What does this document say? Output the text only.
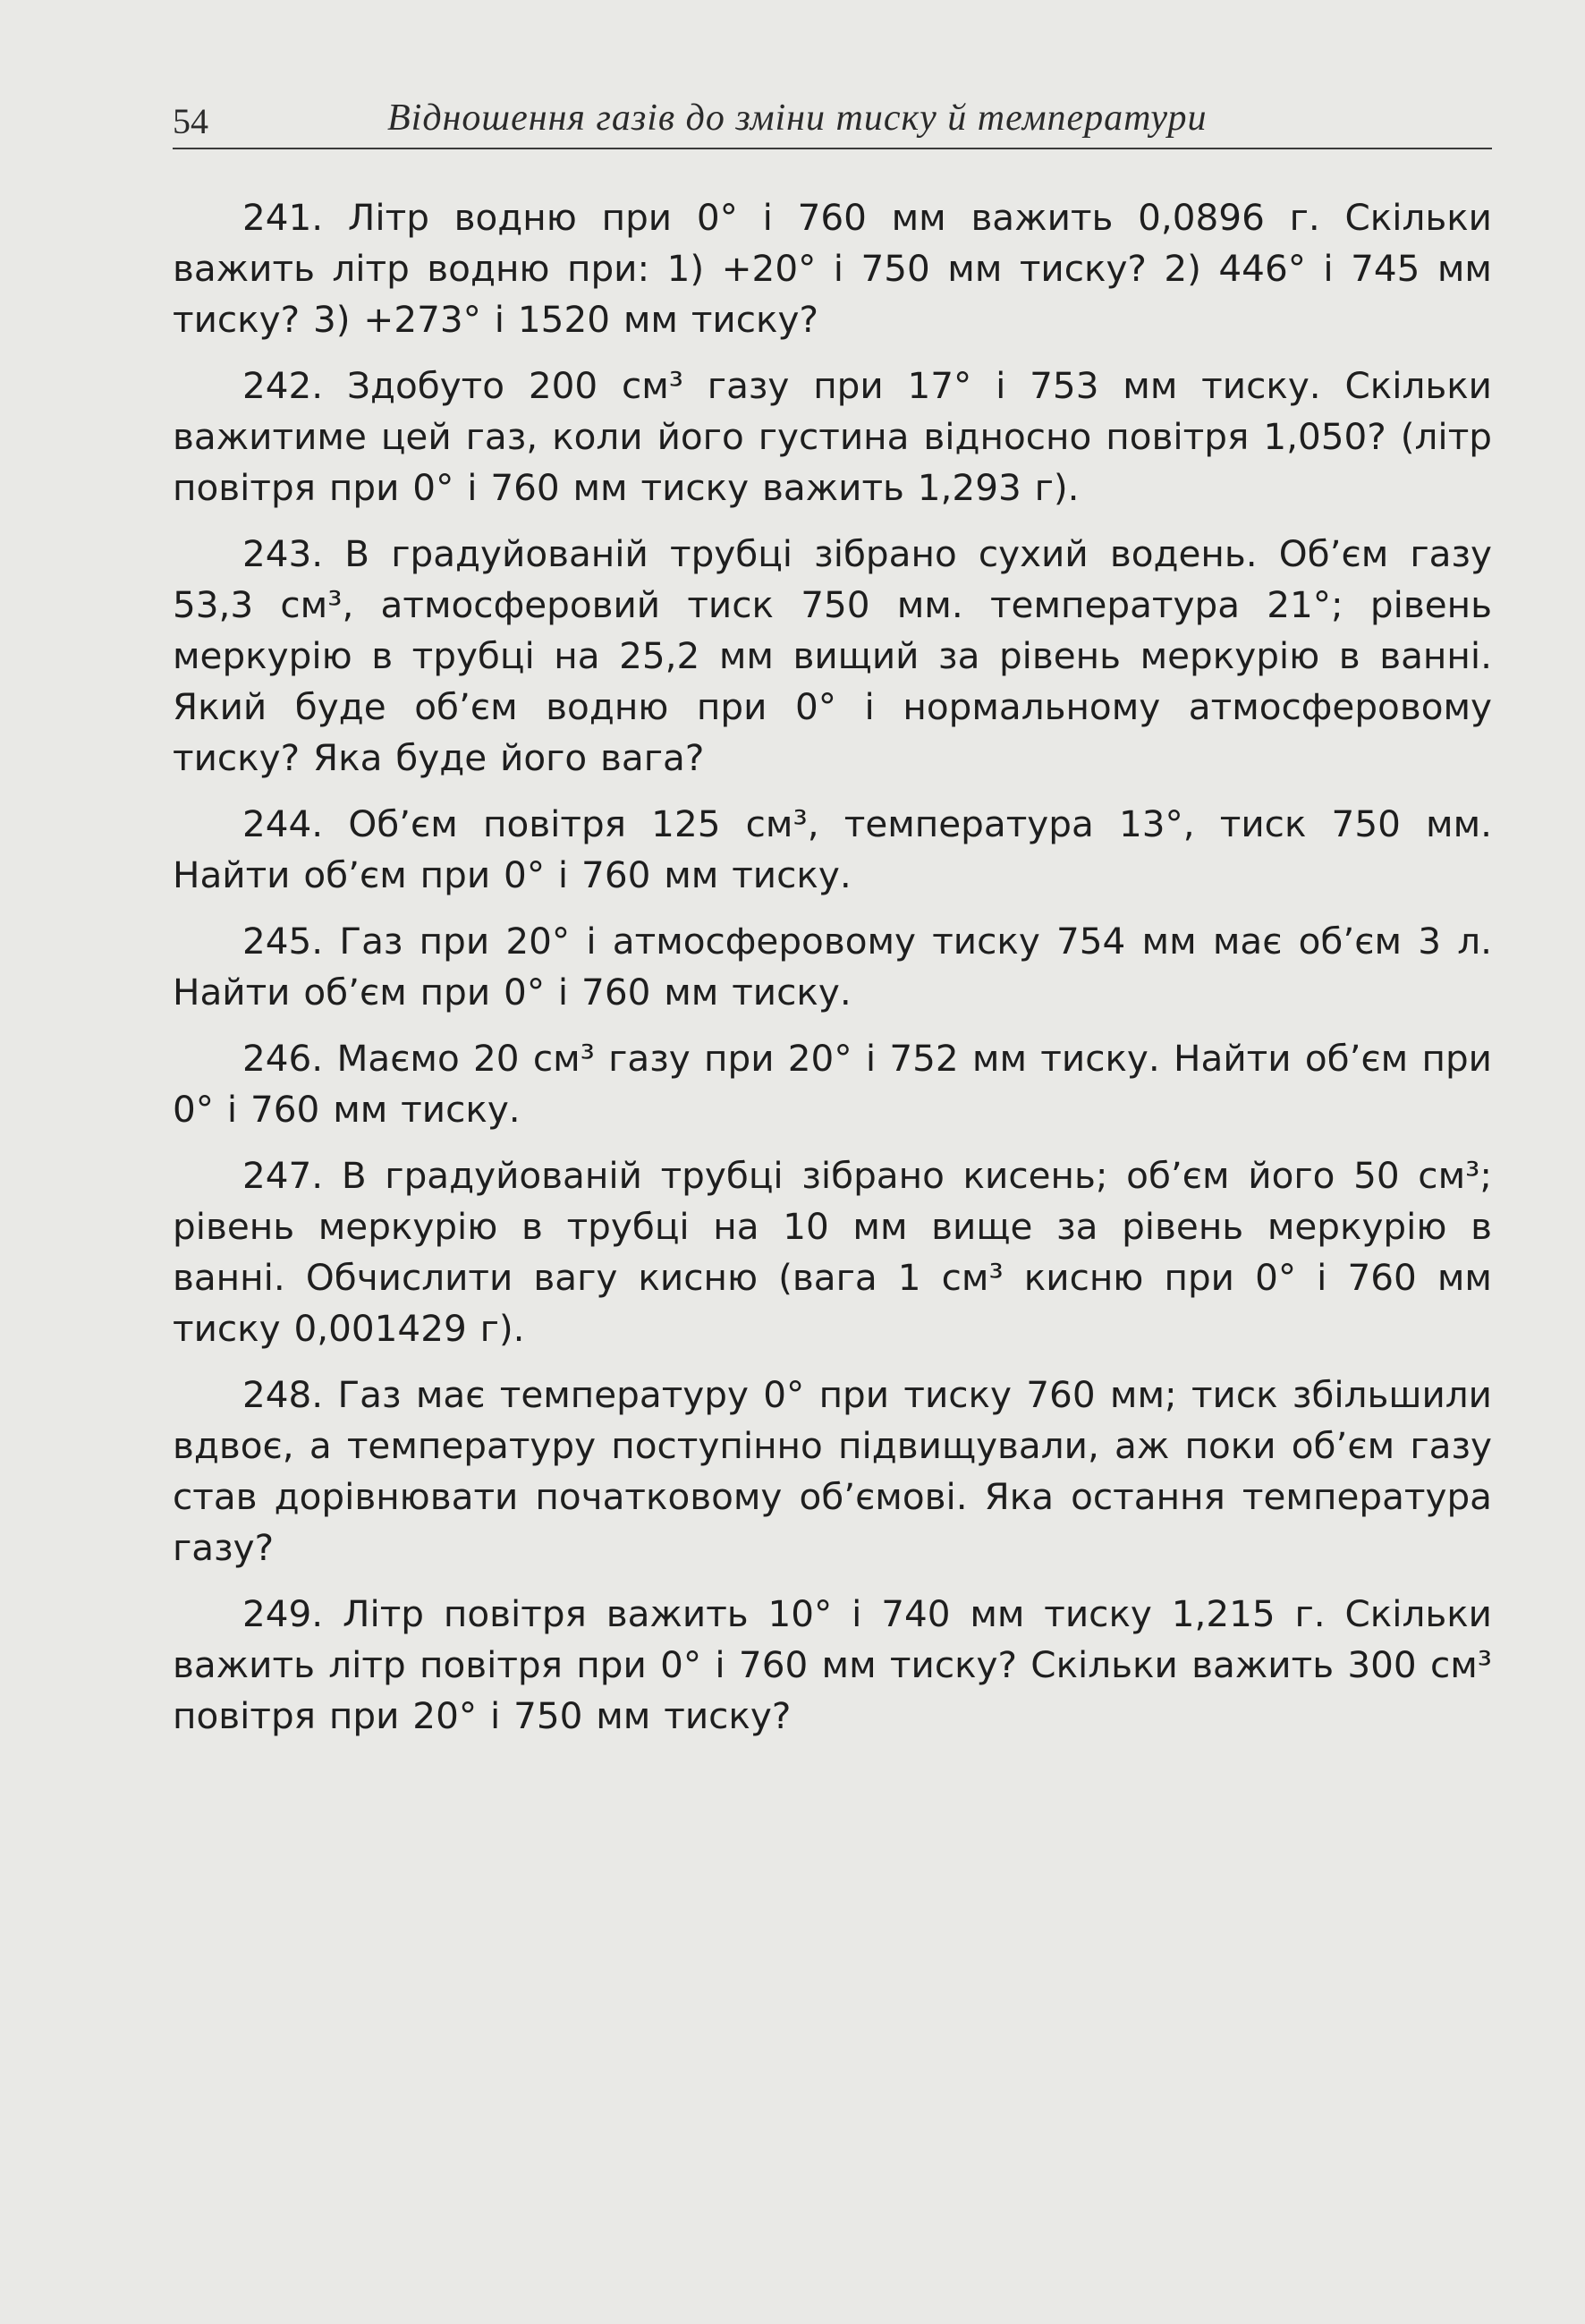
54	Відношення газів до зміни тиску й температури

241. Літр водню при 0° і 760 мм важить 0,0896 г. Скільки важить літр водню при: 1) +20° і 750 мм тиску? 2) 446° і 745 мм тиску? 3) +273° і 1520 мм тиску?

242. Здобуто 200 см³ газу при 17° і 753 мм тиску. Скільки важитиме цей газ, коли його густина відносно повітря 1,050? (літр повітря при 0° і 760 мм тиску важить 1,293 г).

243. В градуйованій трубці зібрано сухий водень. Об’єм газу 53,3 см³, атмосферовий тиск 750 мм. температура 21°; рівень меркурію в трубці на 25,2 мм вищий за рівень меркурію в ванні. Який буде об’єм водню при 0° і нормальному атмосферовому тиску? Яка буде його вага?

244. Об’єм повітря 125 см³, температура 13°, тиск 750 мм. Найти об’єм при 0° і 760 мм тиску.

245. Газ при 20° і атмосферовому тиску 754 мм має об’єм 3 л. Найти об’єм при 0° і 760 мм тиску.

246. Маємо 20 см³ газу при 20° і 752 мм тиску. Найти об’єм при 0° і 760 мм тиску.

247. В градуйованій трубці зібрано кисень; об’єм його 50 см³; рівень меркурію в трубці на 10 мм вище за рівень меркурію в ванні. Обчислити вагу кисню (вага 1 см³ кисню при 0° і 760 мм тиску 0,001429 г).

248. Газ має температуру 0° при тиску 760 мм; тиск збільшили вдвоє, а температуру поступінно підвищували, аж поки об’єм газу став дорівнювати початковому об’ємові. Яка остання температура газу?

249. Літр повітря важить 10° і 740 мм тиску 1,215 г. Скільки важить літр повітря при 0° і 760 мм тиску? Скільки важить 300 см³ повітря при 20° і 750 мм тиску?
